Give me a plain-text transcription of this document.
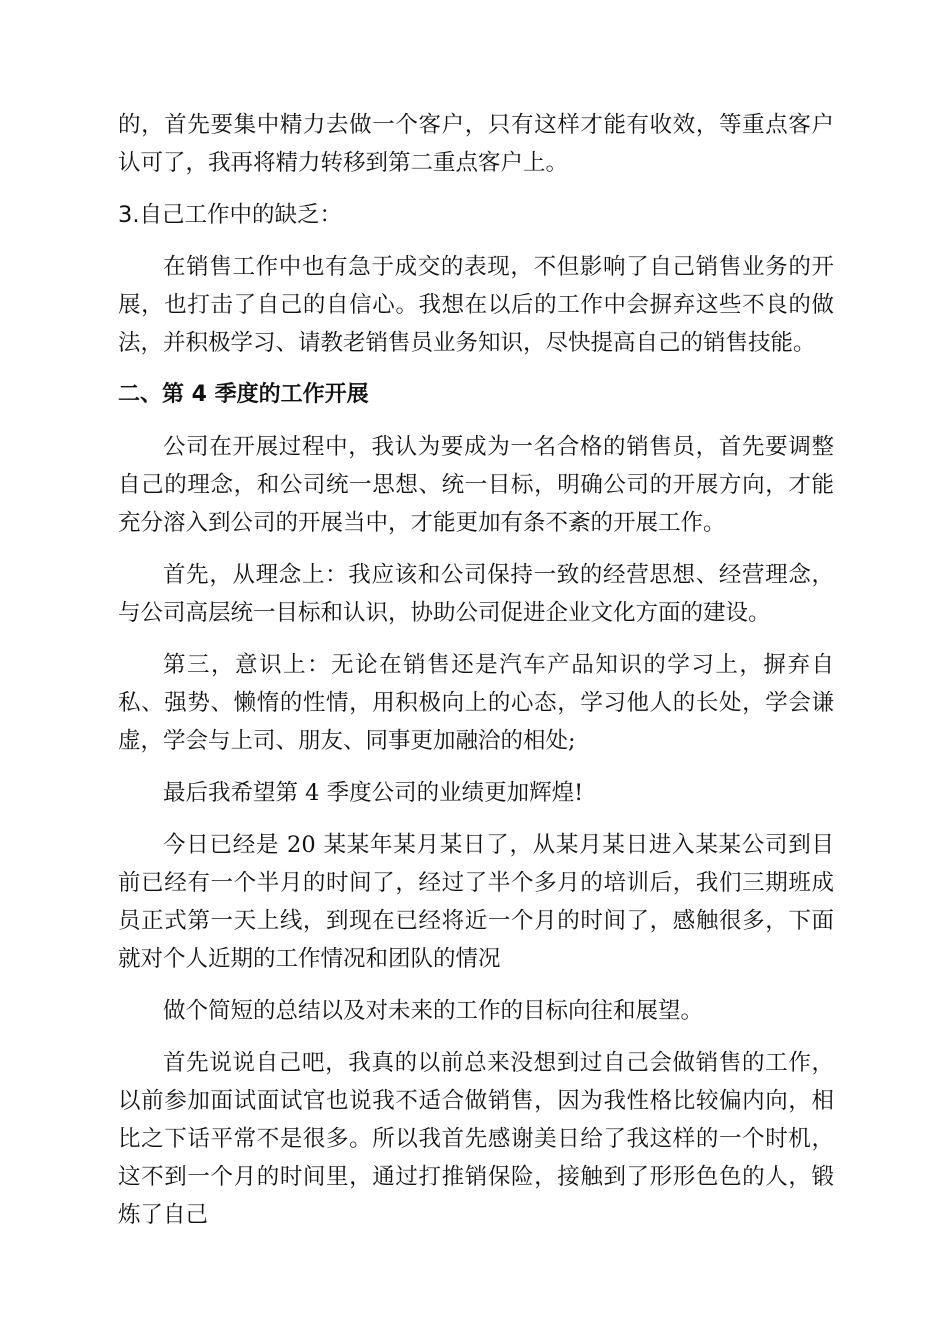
的，首先要集中精力去做一个客户，只有这样才能有收效，等重点客户认可了，我再将精力转移到第二重点客户上。

3.自己工作中的缺乏：

在销售工作中也有急于成交的表现，不但影响了自己销售业务的开展，也打击了自己的自信心。我想在以后的工作中会摒弃这些不良的做法，并积极学习、请教老销售员业务知识，尽快提高自己的销售技能。

二、第 4 季度的工作开展

公司在开展过程中，我认为要成为一名合格的销售员，首先要调整自己的理念，和公司统一思想、统一目标，明确公司的开展方向，才能充分溶入到公司的开展当中，才能更加有条不紊的开展工作。

首先，从理念上：我应该和公司保持一致的经营思想、经营理念，与公司高层统一目标和认识，协助公司促进企业文化方面的建设。

第三，意识上：无论在销售还是汽车产品知识的学习上，摒弃自私、强势、懒惰的性情，用积极向上的心态，学习他人的长处，学会谦虚，学会与上司、朋友、同事更加融洽的相处;

最后我希望第 4 季度公司的业绩更加辉煌!

今日已经是 20 某某年某月某日了，从某月某日进入某某公司到目前已经有一个半月的时间了，经过了半个多月的培训后，我们三期班成员正式第一天上线，到现在已经将近一个月的时间了，感触很多，下面就对个人近期的工作情况和团队的情况

做个简短的总结以及对未来的工作的目标向往和展望。

首先说说自己吧，我真的以前总来没想到过自己会做销售的工作，以前参加面试面试官也说我不适合做销售，因为我性格比较偏内向，相比之下话平常不是很多。所以我首先感谢美日给了我这样的一个时机，这不到一个月的时间里，通过打推销保险，接触到了形形色色的人，锻炼了自己
